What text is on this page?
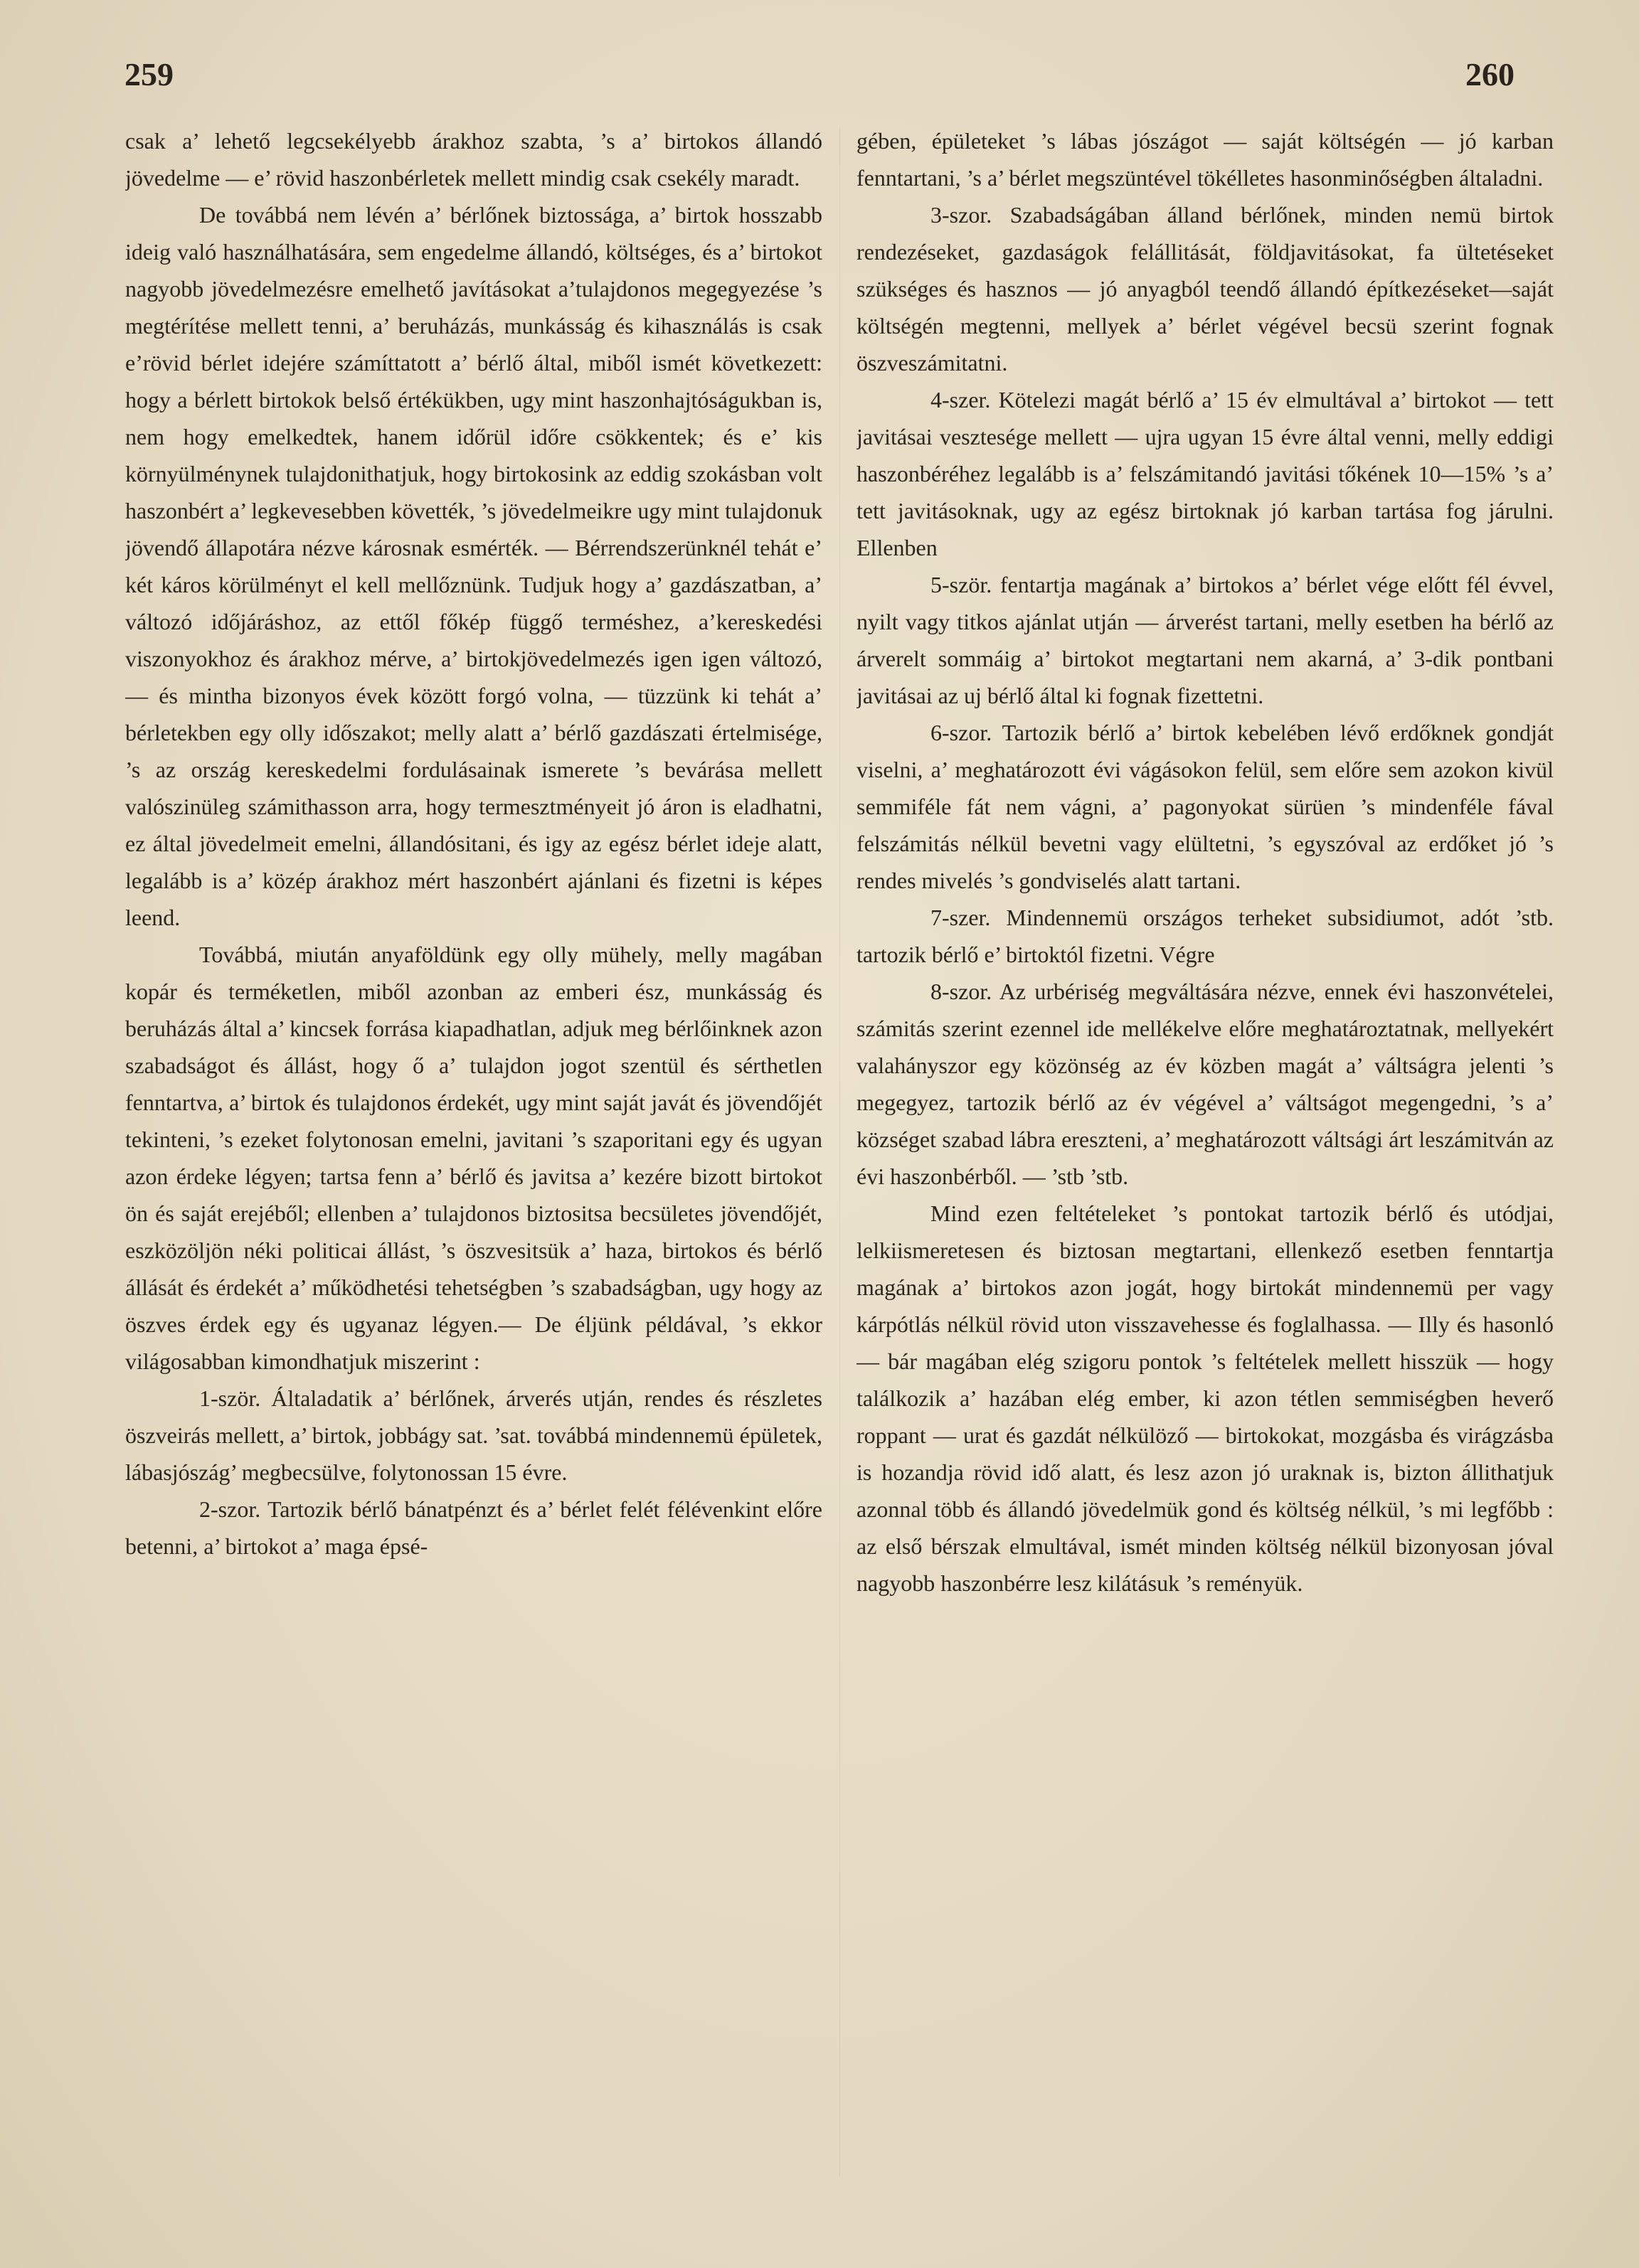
259	260

csak a’ lehető legcsekélyebb árakhoz szabta, ’s a’ birtokos állandó jövedelme — e’ rövid haszonbérletek mellett mindig csak csekély maradt.

De továbbá nem lévén a’ bérlőnek biztossága, a’ birtok hosszabb ideig való használhatására, sem engedelme állandó, költséges, és a’ birtokot nagyobb jövedelmezésre emelhető javításokat a’tulajdonos megegyezése ’s megtérítése mellett tenni, a’ beruházás, munkásság és kihasználás is csak e’rövid bérlet idejére számíttatott a’ bérlő által, miből ismét következett: hogy a bérlett birtokok belső értékükben, ugy mint haszonhajtóságukban is, nem hogy emelkedtek, hanem időrül időre csökkentek; és e’ kis környülménynek tulajdonithatjuk, hogy birtokosink az eddig szokásban volt haszonbért a’ legkevesebben követték, ’s jövedelmeikre ugy mint tulajdonuk jövendő állapotára nézve károsnak esmérték. — Bérrendszerünknél tehát e’ két káros körülményt el kell mellőznünk. Tudjuk hogy a’ gazdászatban, a’ változó időjáráshoz, az ettől főkép függő terméshez, a’kereskedési viszonyokhoz és árakhoz mérve, a’ birtokjövedelmezés igen igen változó, — és mintha bizonyos évek között forgó volna, — tüzzünk ki tehát a’ bérletekben egy olly időszakot; melly alatt a’ bérlő gazdászati értelmisége, ’s az ország kereskedelmi fordulásainak ismerete ’s bevárása mellett valószinüleg számithasson arra, hogy termesztményeit jó áron is eladhatni, ez által jövedelmeit emelni, állandósitani, és igy az egész bérlet ideje alatt, legalább is a’ közép árakhoz mért haszonbért ajánlani és fizetni is képes leend.

Továbbá, miután anyaföldünk egy olly mühely, melly magában kopár és terméketlen, miből azonban az emberi ész, munkásság és beruházás által a’ kincsek forrása kiapadhatlan, adjuk meg bérlőinknek azon szabadságot és állást, hogy ő a’ tulajdon jogot szentül és sérthetlen fenntartva, a’ birtok és tulajdonos érdekét, ugy mint saját javát és jövendőjét tekinteni, ’s ezeket folytonosan emelni, javitani ’s szaporitani egy és ugyan azon érdeke légyen; tartsa fenn a’ bérlő és javitsa a’ kezére bizott birtokot ön és saját erejéből; ellenben a’ tulajdonos biztositsa becsületes jövendőjét, eszközöljön néki politicai állást, ’s öszvesitsük a’ haza, birtokos és bérlő állását és érdekét a’ működhetési tehetségben ’s szabadságban, ugy hogy az öszves érdek egy és ugyanaz légyen.— De éljünk példával, ’s ekkor világosabban kimondhatjuk miszerint :

1-ször. Általadatik a’ bérlőnek, árverés utján, rendes és részletes öszveirás mellett, a’ birtok, jobbágy sat. ’sat. továbbá mindennemü épületek, lábasjószág’ megbecsülve, folytonossan 15 évre.

2-szor. Tartozik bérlő bánatpénzt és a’ bérlet felét félévenkint előre betenni, a’ birtokot a’ maga épsé-

gében, épületeket ’s lábas jószágot — saját költségén — jó karban fenntartani, ’s a’ bérlet megszüntével tökélletes hasonminőségben általadni.

3-szor. Szabadságában álland bérlőnek, minden nemü birtok rendezéseket, gazdaságok felállitását, földjavitásokat, fa ültetéseket szükséges és hasznos — jó anyagból teendő állandó építkezéseket—saját költségén megtenni, mellyek a’ bérlet végével becsü szerint fognak öszveszámitatni.

4-szer. Kötelezi magát bérlő a’ 15 év elmultával a’ birtokot — tett javitásai vesztesége mellett — ujra ugyan 15 évre által venni, melly eddigi haszonbéréhez legalább is a’ felszámitandó javitási tőkének 10—15% ’s a’ tett javitásoknak, ugy az egész birtoknak jó karban tartása fog járulni. Ellenben

5-ször. fentartja magának a’ birtokos a’ bérlet vége előtt fél évvel, nyilt vagy titkos ajánlat utján — árverést tartani, melly esetben ha bérlő az árverelt sommáig a’ birtokot megtartani nem akarná, a’ 3-dik pontbani javitásai az uj bérlő által ki fognak fizettetni.

6-szor. Tartozik bérlő a’ birtok kebelében lévő erdőknek gondját viselni, a’ meghatározott évi vágásokon felül, sem előre sem azokon kivül semmiféle fát nem vágni, a’ pagonyokat sürüen ’s mindenféle fával felszámitás nélkül bevetni vagy elültetni, ’s egyszóval az erdőket jó ’s rendes mivelés ’s gondviselés alatt tartani.

7-szer. Mindennemü országos terheket subsidiumot, adót ’stb. tartozik bérlő e’ birtoktól fizetni. Végre

8-szor. Az urbériség megváltására nézve, ennek évi haszonvételei, számitás szerint ezennel ide mellékelve előre meghatároztatnak, mellyekért valahányszor egy közönség az év közben magát a’ váltságra jelenti ’s megegyez, tartozik bérlő az év végével a’ váltságot megengedni, ’s a’ községet szabad lábra ereszteni, a’ meghatározott váltsági árt leszámitván az évi haszonbérből. — ’stb ’stb.

Mind ezen feltételeket ’s pontokat tartozik bérlő és utódjai, lelkiismeretesen és biztosan megtartani, ellenkező esetben fenntartja magának a’ birtokos azon jogát, hogy birtokát mindennemü per vagy kárpótlás nélkül rövid uton visszavehesse és foglalhassa. — Illy és hasonló — bár magában elég szigoru pontok ’s feltételek mellett hisszük — hogy találkozik a’ hazában elég ember, ki azon tétlen semmiségben heverő roppant — urat és gazdát nélkülöző — birtokokat, mozgásba és virágzásba is hozandja rövid idő alatt, és lesz azon jó uraknak is, bizton állithatjuk azonnal több és állandó jövedelmük gond és költség nélkül, ’s mi legfőbb : az első bérszak elmultával, ismét minden költség nélkül bizonyosan jóval nagyobb haszonbérre lesz kilátásuk ’s reményük.
